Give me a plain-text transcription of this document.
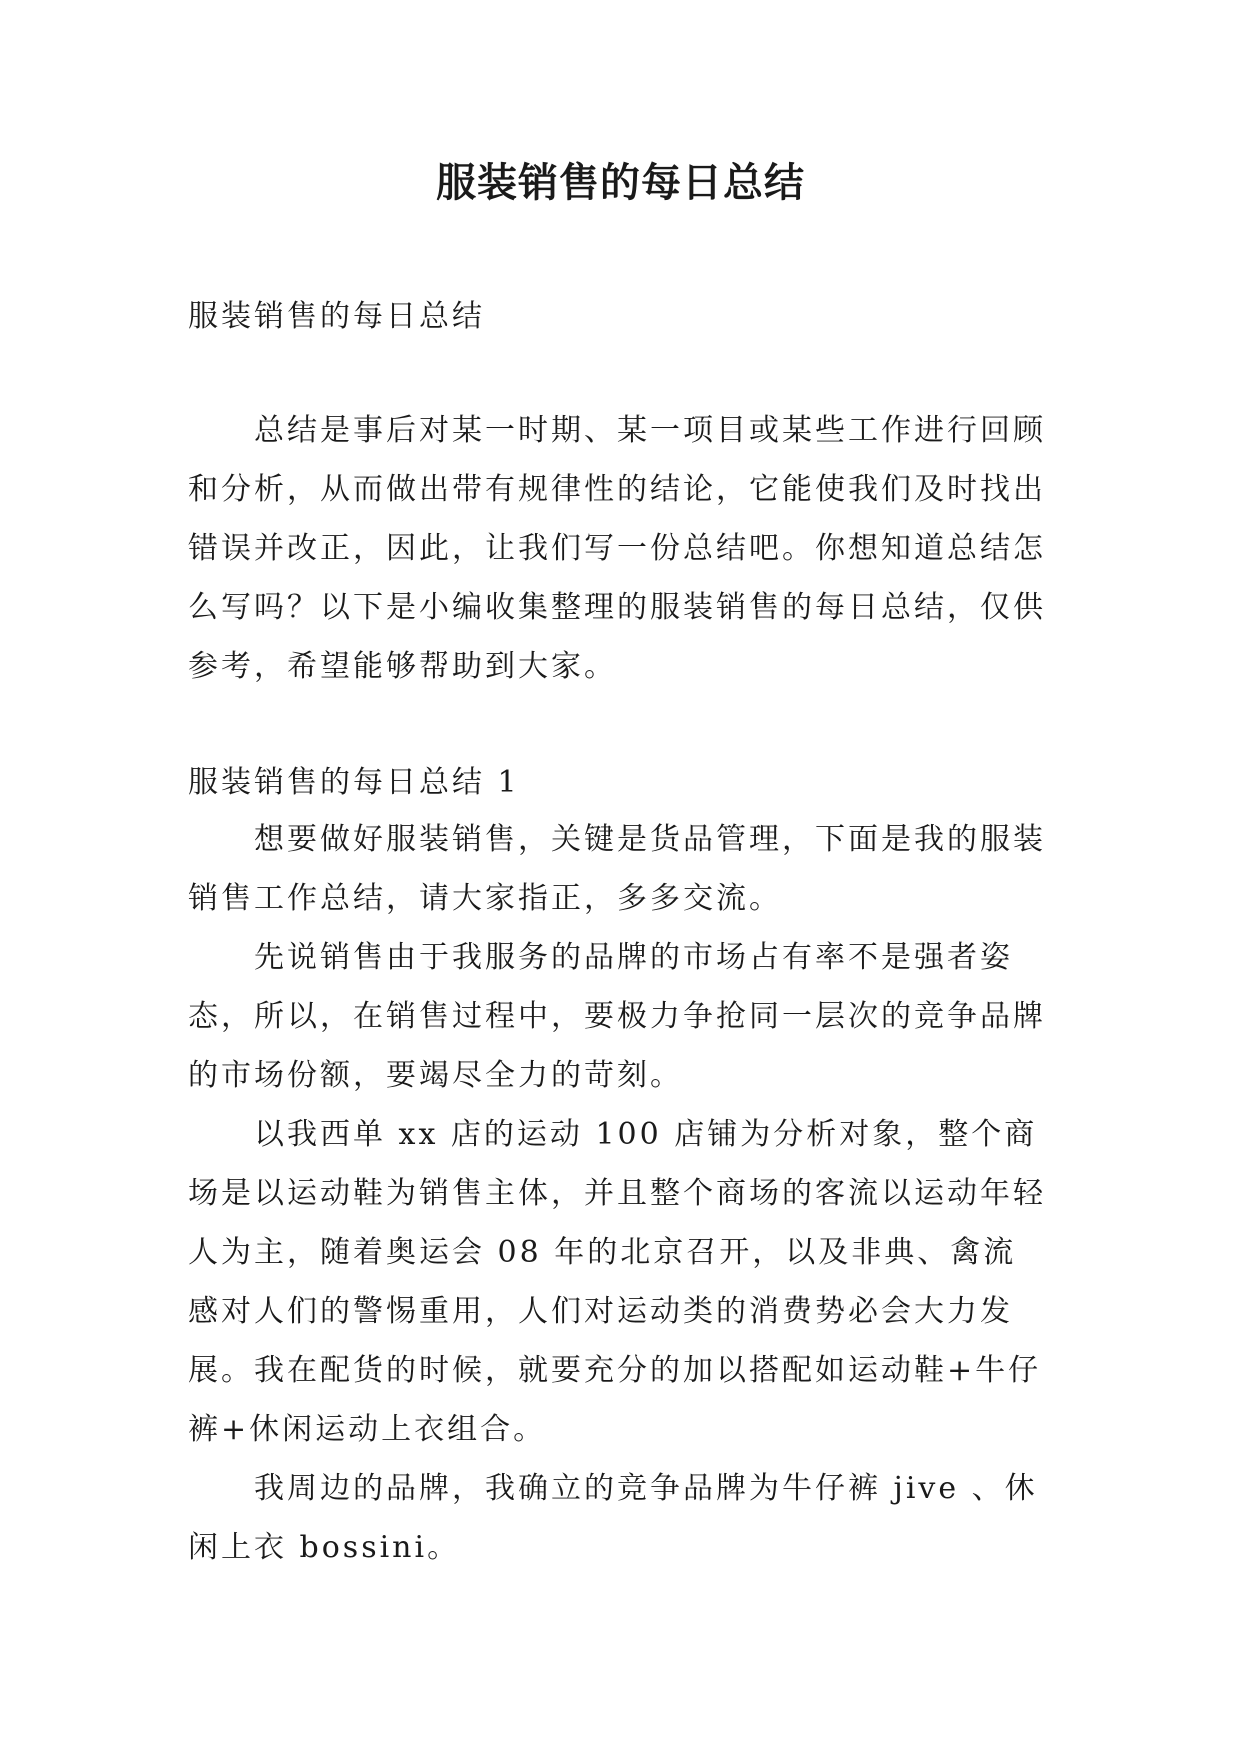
服装销售的每日总结

服装销售的每日总结

总结是事后对某一时期、某一项目或某些工作进行回顾和分析，从而做出带有规律性的结论，它能使我们及时找出错误并改正，因此，让我们写一份总结吧。你想知道总结怎么写吗？以下是小编收集整理的服装销售的每日总结，仅供参考，希望能够帮助到大家。

服装销售的每日总结 1

想要做好服装销售，关键是货品管理，下面是我的服装销售工作总结，请大家指正，多多交流。

先说销售由于我服务的品牌的市场占有率不是强者姿态，所以，在销售过程中，要极力争抢同一层次的竞争品牌的市场份额，要竭尽全力的苛刻。

以我西单 xx 店的运动 100 店铺为分析对象，整个商场是以运动鞋为销售主体，并且整个商场的客流以运动年轻人为主，随着奥运会 08 年的北京召开，以及非典、禽流感对人们的警惕重用，人们对运动类的消费势必会大力发展。 我在配货的时候，就要充分的加以搭配如运动鞋+牛仔裤+休闲运动上衣组合。

我周边的品牌，我确立的竞争品牌为牛仔裤 jive 、休闲上衣 bossini。
